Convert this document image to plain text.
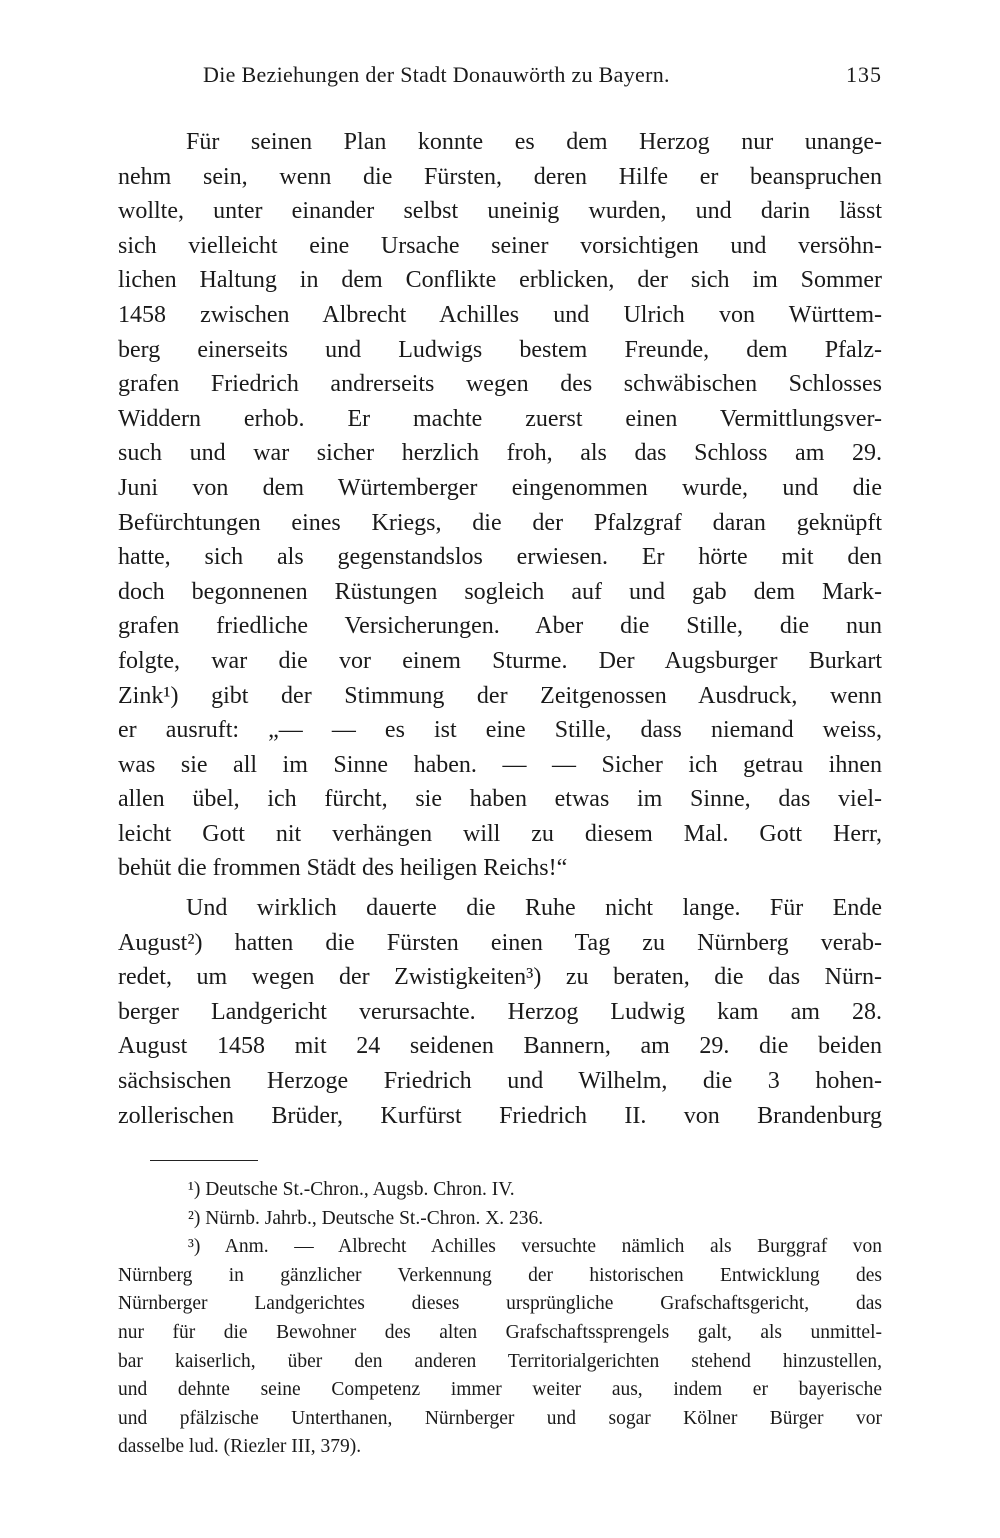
Die Beziehungen der Stadt Donauwörth zu Bayern.	135
Für seinen Plan konnte es dem Herzog nur unange-
nehm sein, wenn die Fürsten, deren Hilfe er beanspruchen
wollte, unter einander selbst uneinig wurden, und darin lässt
sich vielleicht eine Ursache seiner vorsichtigen und versöhn-
lichen Haltung in dem Conflikte erblicken, der sich im Sommer
1458 zwischen Albrecht Achilles und Ulrich von Württem-
berg einerseits und Ludwigs bestem Freunde, dem Pfalz-
grafen Friedrich andrerseits wegen des schwäbischen Schlosses
Widdern erhob. Er machte zuerst einen Vermittlungsver-
such und war sicher herzlich froh, als das Schloss am 29.
Juni von dem Würtemberger eingenommen wurde, und die
Befürchtungen eines Kriegs, die der Pfalzgraf daran geknüpft
hatte, sich als gegenstandslos erwiesen. Er hörte mit den
doch begonnenen Rüstungen sogleich auf und gab dem Mark-
grafen friedliche Versicherungen. Aber die Stille, die nun
folgte, war die vor einem Sturme. Der Augsburger Burkart
Zink¹) gibt der Stimmung der Zeitgenossen Ausdruck, wenn
er ausruft: „— — es ist eine Stille, dass niemand weiss,
was sie all im Sinne haben. — — Sicher ich getrau ihnen
allen übel, ich fürcht, sie haben etwas im Sinne, das viel-
leicht Gott nit verhängen will zu diesem Mal. Gott Herr,
behüt die frommen Städt des heiligen Reichs!“
Und wirklich dauerte die Ruhe nicht lange. Für Ende
August²) hatten die Fürsten einen Tag zu Nürnberg verab-
redet, um wegen der Zwistigkeiten³) zu beraten, die das Nürn-
berger Landgericht verursachte. Herzog Ludwig kam am 28.
August 1458 mit 24 seidenen Bannern, am 29. die beiden
sächsischen Herzoge Friedrich und Wilhelm, die 3 hohen-
zollerischen Brüder, Kurfürst Friedrich II. von Brandenburg
¹) Deutsche St.-Chron., Augsb. Chron. IV.
²) Nürnb. Jahrb., Deutsche St.-Chron. X. 236.
³) Anm. — Albrecht Achilles versuchte nämlich als Burggraf von
Nürnberg in gänzlicher Verkennung der historischen Entwicklung des
Nürnberger Landgerichtes dieses ursprüngliche Grafschaftsgericht, das
nur für die Bewohner des alten Grafschaftssprengels galt, als unmittel-
bar kaiserlich, über den anderen Territorialgerichten stehend hinzustellen,
und dehnte seine Competenz immer weiter aus, indem er bayerische
und pfälzische Unterthanen, Nürnberger und sogar Kölner Bürger vor
dasselbe lud. (Riezler III, 379).
